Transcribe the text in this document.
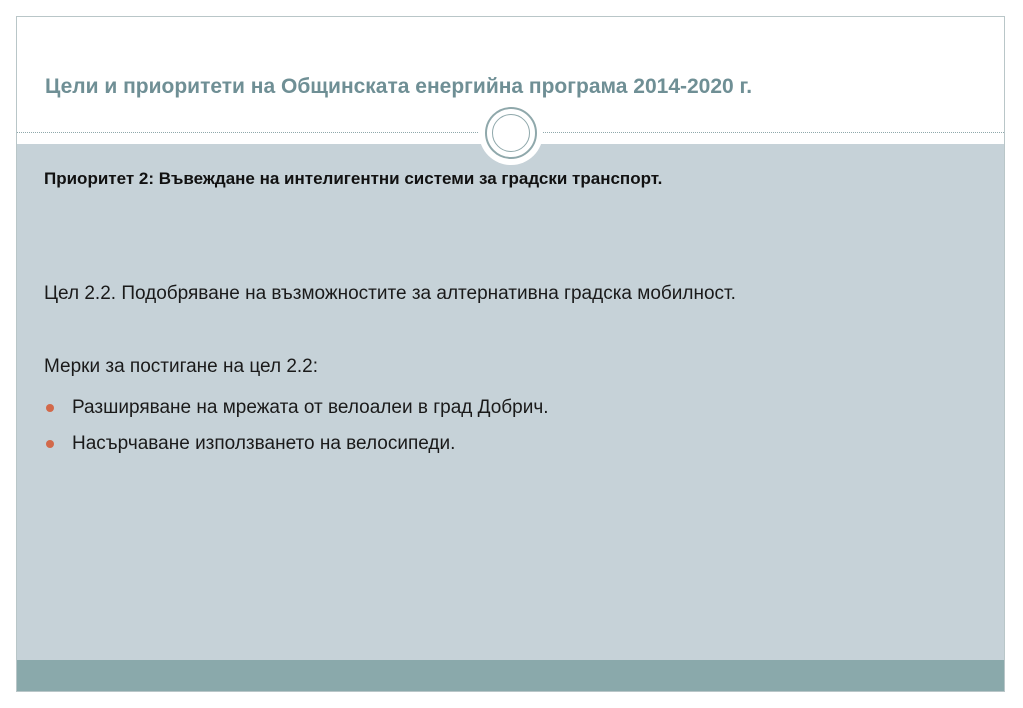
Цели и приоритети на Общинската енергийна програма 2014-2020 г.
Приоритет 2: Въвеждане на интелигентни системи за градски транспорт.
Цел 2.2. Подобряване на възможностите за алтернативна градска мобилност.
Мерки за постигане на цел 2.2:
Разширяване на мрежата от велоалеи в град Добрич.
Насърчаване използването на велосипеди.
